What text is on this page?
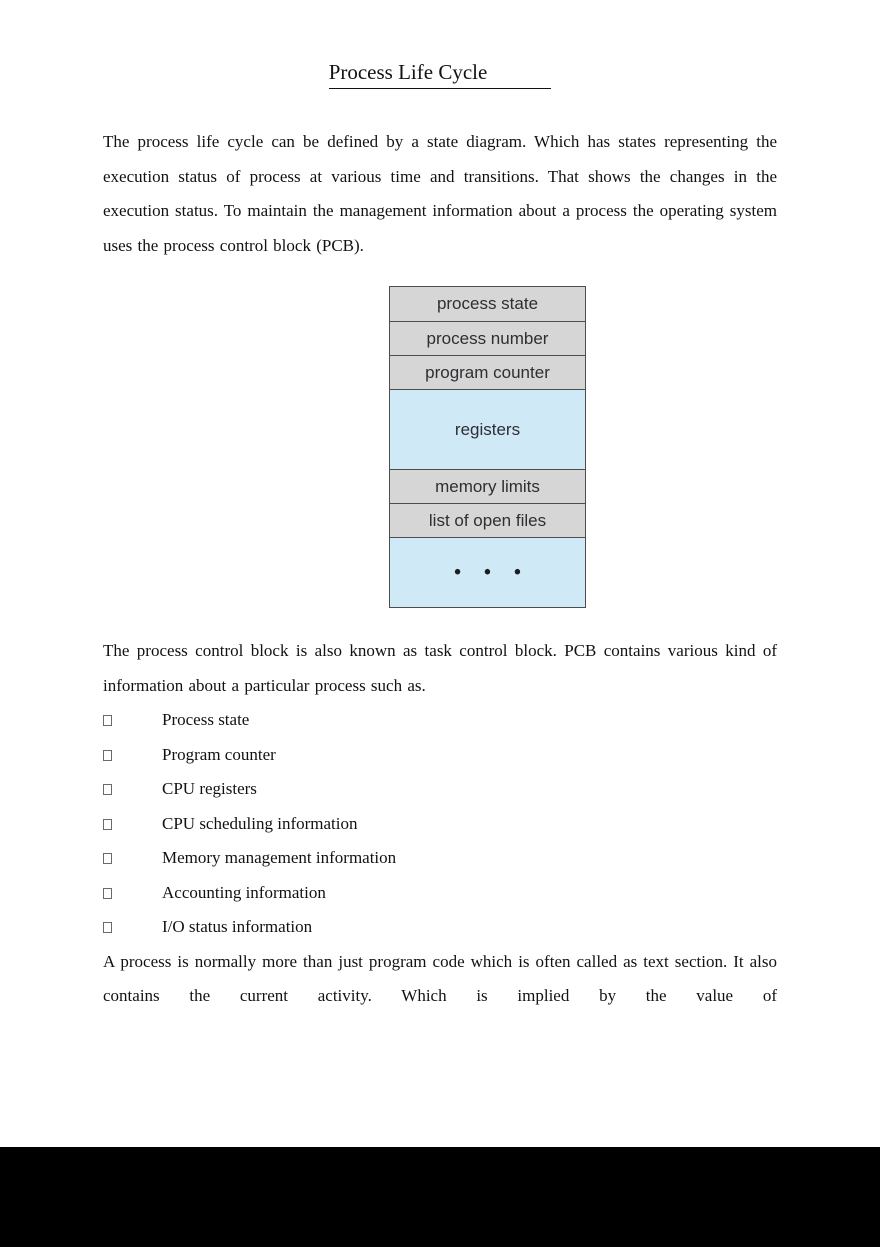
Process Life Cycle

The process life cycle can be defined by a state diagram. Which has states representing the execution status of process at various time and transitions. That shows the changes in the execution status. To maintain the management information about a process the operating system uses the process control block (PCB).

process state
process number
program counter
registers
memory limits
list of open files
• • •

The process control block is also known as task control block. PCB contains various kind of information about a particular process such as.

Process state
Program counter
CPU registers
CPU scheduling information
Memory management information
Accounting information
I/O status information

A process is normally more than just program code which is often called as text section. It also contains the current activity. Which is implied by the value of
